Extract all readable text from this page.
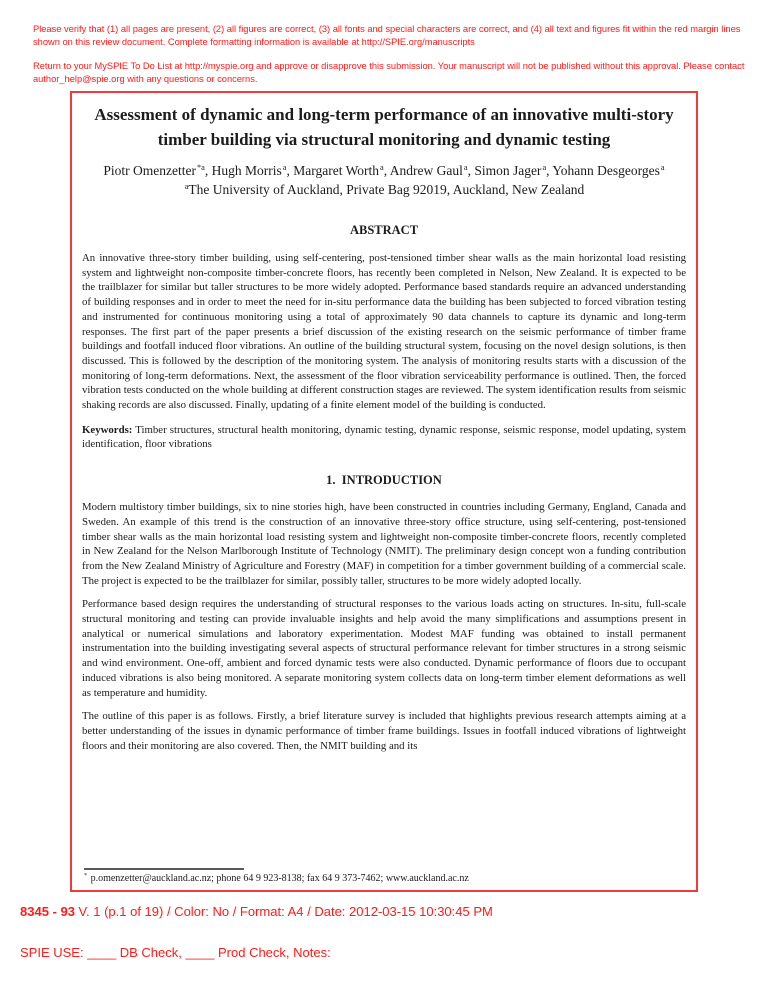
Please verify that (1) all pages are present, (2) all figures are correct, (3) all fonts and special characters are correct, and (4) all text and figures fit within the red margin lines shown on this review document. Complete formatting information is available at http://SPIE.org/manuscripts

Return to your MySPIE To Do List at http://myspie.org and approve or disapprove this submission. Your manuscript will not be published without this approval. Please contact author_help@spie.org with any questions or concerns.

Assessment of dynamic and long-term performance of an innovative multi-story timber building via structural monitoring and dynamic testing

Piotr Omenzetter$^{*a}$, Hugh Morris$^a$, Margaret Worth$^a$, Andrew Gaul$^a$, Simon Jager$^a$, Yohann Desgeorges$^a$

$^a$The University of Auckland, Private Bag 92019, Auckland, New Zealand

ABSTRACT

An innovative three-story timber building, using self-centering, post-tensioned timber shear walls as the main horizontal load resisting system and lightweight non-composite timber-concrete floors, has recently been completed in Nelson, New Zealand. It is expected to be the trailblazer for similar but taller structures to be more widely adopted. Performance based standards require an advanced understanding of building responses and in order to meet the need for in-situ performance data the building has been subjected to forced vibration testing and instrumented for continuous monitoring using a total of approximately 90 data channels to capture its dynamic and long-term responses. The first part of the paper presents a brief discussion of the existing research on the seismic performance of timber frame buildings and footfall induced floor vibrations. An outline of the building structural system, focusing on the novel design solutions, is then discussed. This is followed by the description of the monitoring system. The analysis of monitoring results starts with a discussion of the monitoring of long-term deformations. Next, the assessment of the floor vibration serviceability performance is outlined. Then, the forced vibration tests conducted on the whole building at different construction stages are reviewed. The system identification results from seismic shaking records are also discussed. Finally, updating of a finite element model of the building is conducted.

Keywords: Timber structures, structural health monitoring, dynamic testing, dynamic response, seismic response, model updating, system identification, floor vibrations

1.  INTRODUCTION

Modern multistory timber buildings, six to nine stories high, have been constructed in countries including Germany, England, Canada and Sweden. An example of this trend is the construction of an innovative three-story office structure, using self-centering, post-tensioned timber shear walls as the main horizontal load resisting system and lightweight non-composite timber-concrete floors, recently completed in New Zealand for the Nelson Marlborough Institute of Technology (NMIT). The preliminary design concept won a funding contribution from the New Zealand Ministry of Agriculture and Forestry (MAF) in competition for a timber government building of a commercial scale. The project is expected to be the trailblazer for similar, possibly taller, structures to be more widely adopted locally.

Performance based design requires the understanding of structural responses to the various loads acting on structures. In-situ, full-scale structural monitoring and testing can provide invaluable insights and help avoid the many simplifications and assumptions present in analytical or numerical simulations and laboratory experimentation. Modest MAF funding was obtained to install permanent instrumentation into the building investigating several aspects of structural performance relevant for timber structures in a strong seismic and wind environment. One-off, ambient and forced dynamic tests were also conducted. Dynamic performance of floors due to occupant induced vibrations is also being monitored. A separate monitoring system collects data on long-term timber element deformations as well as temperature and humidity.

The outline of this paper is as follows. Firstly, a brief literature survey is included that highlights previous research attempts aiming at a better understanding of the issues in dynamic performance of timber frame buildings. Issues in footfall induced vibrations of lightweight floors and their monitoring are also covered. Then, the NMIT building and its

* p.omenzetter@auckland.ac.nz; phone 64 9 923-8138; fax 64 9 373-7462; www.auckland.ac.nz

8345 - 93 V. 1 (p.1 of 19) / Color: No / Format: A4 / Date: 2012-03-15 10:30:45 PM

SPIE USE: ____ DB Check, ____ Prod Check, Notes:
